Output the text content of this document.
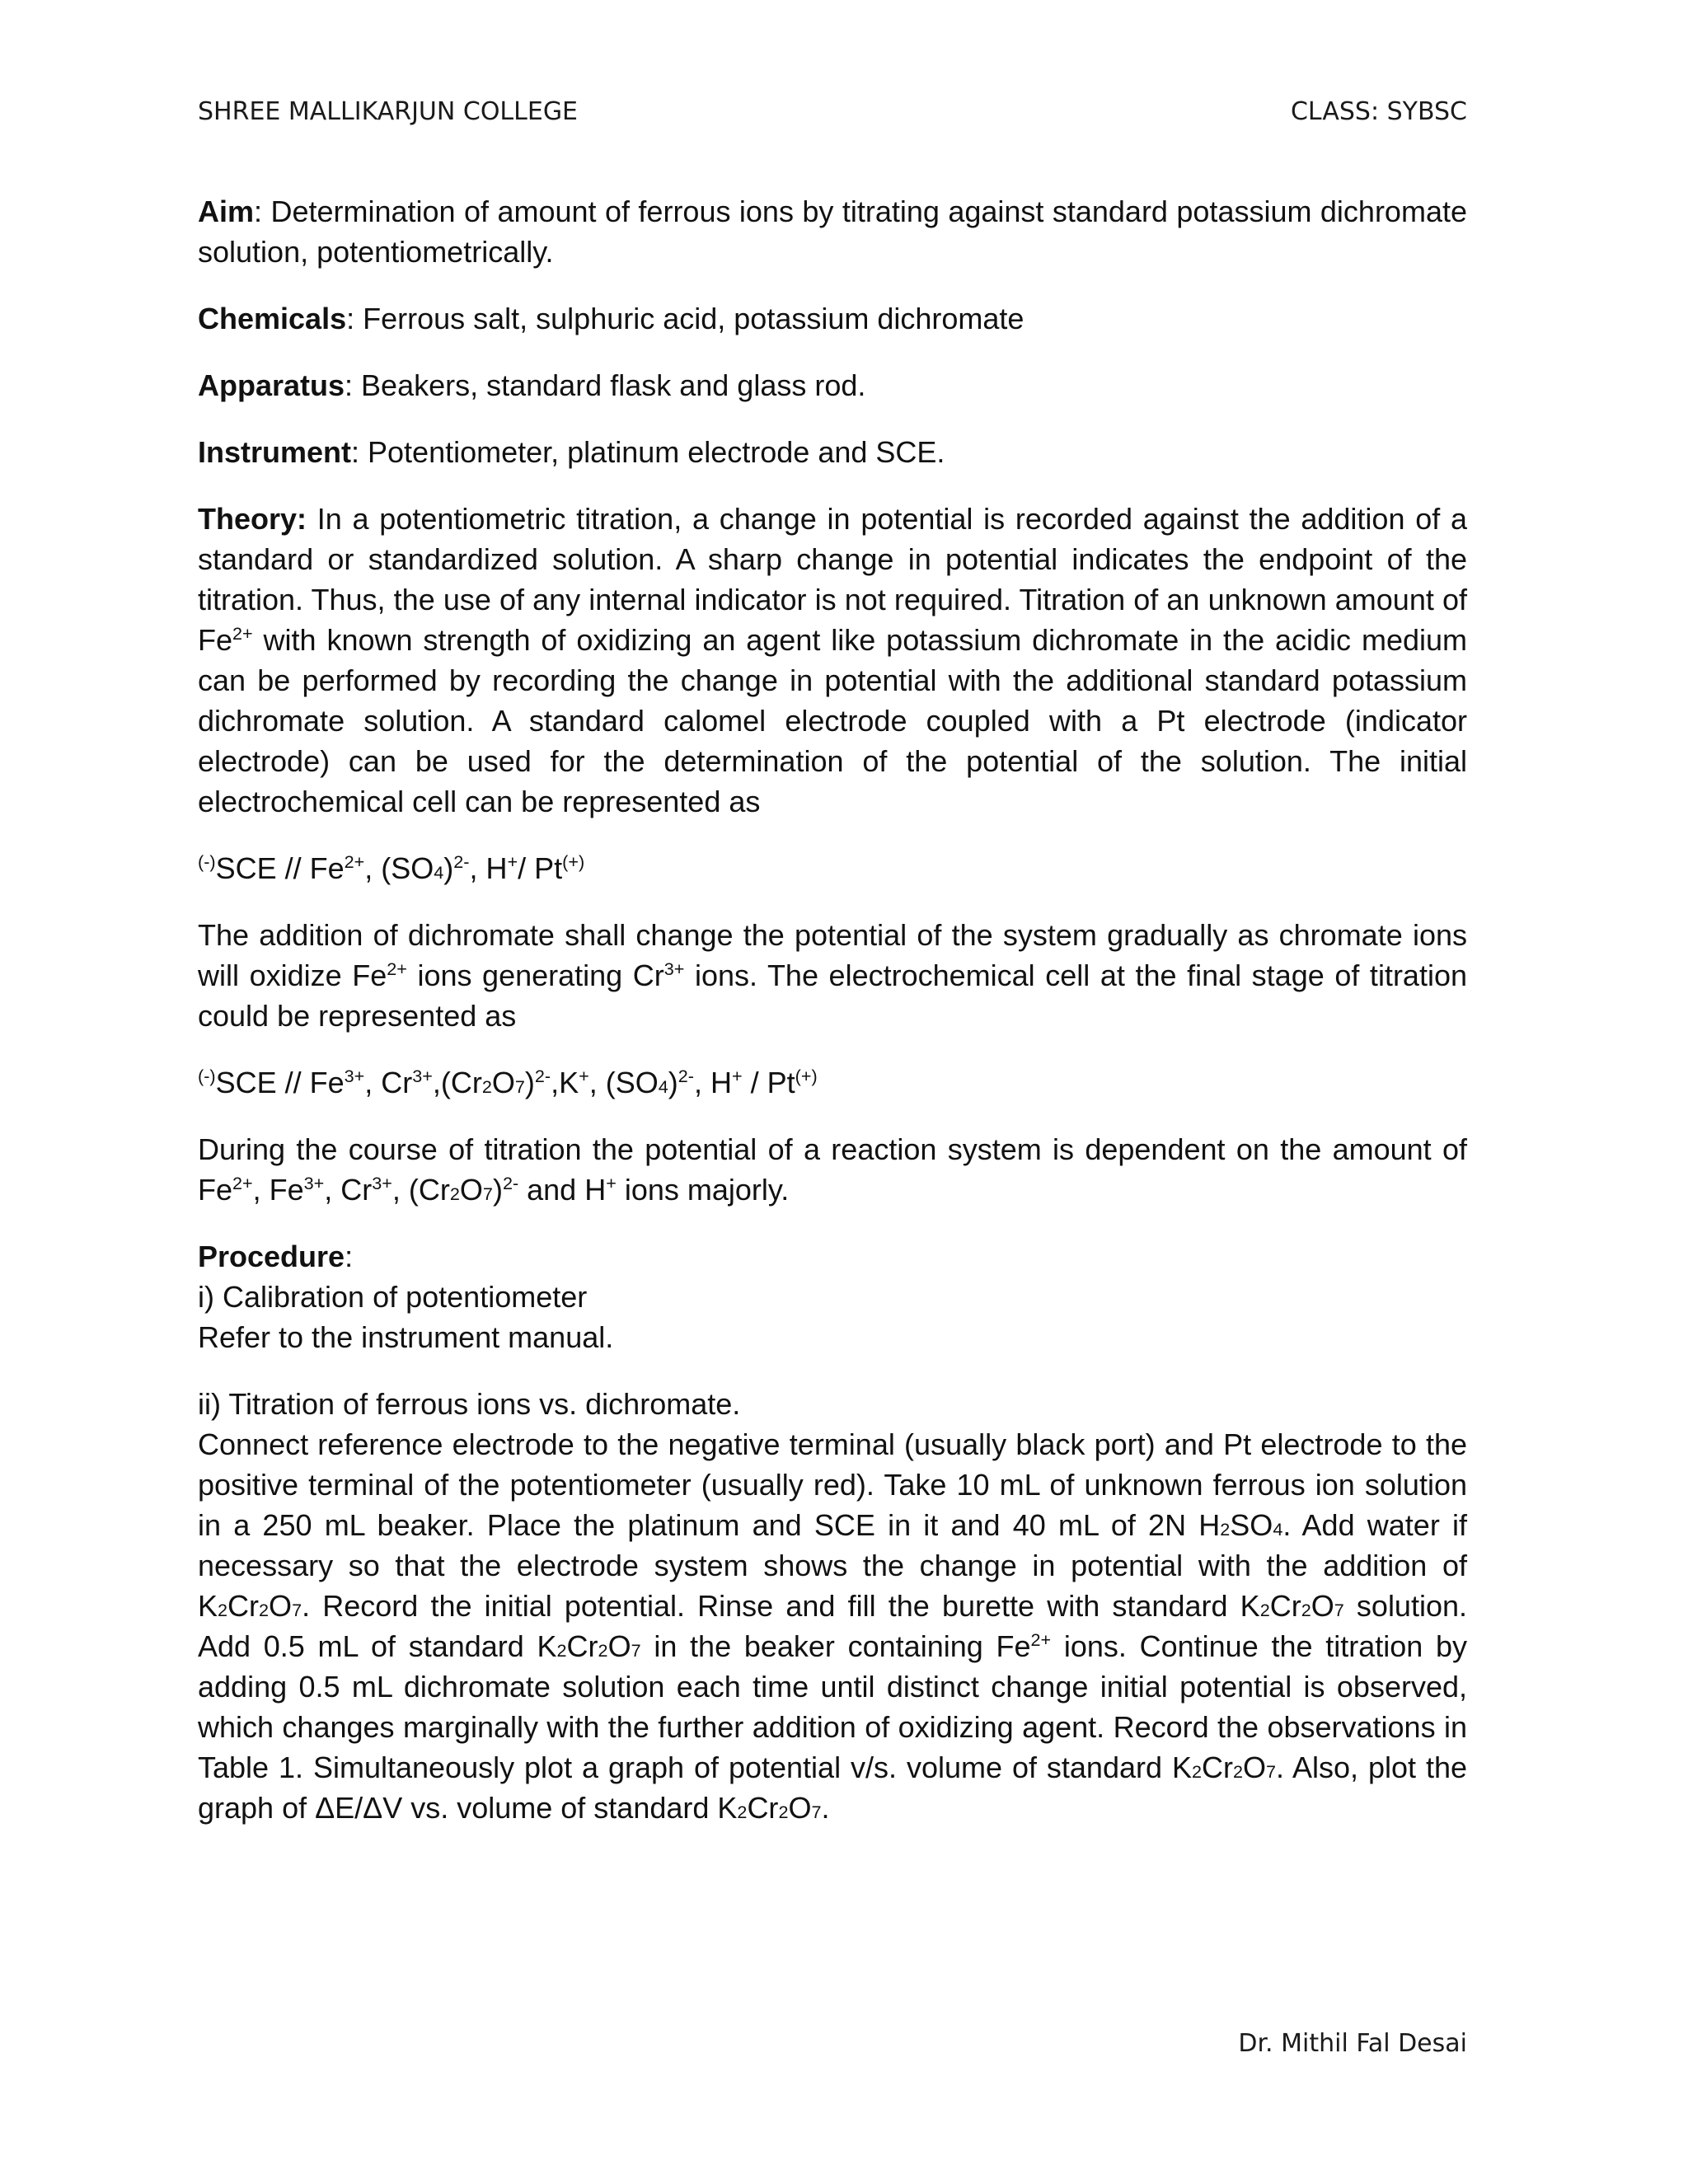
SHREE MALLIKARJUN COLLEGE	CLASS: SYBSC

Aim: Determination of amount of ferrous ions by titrating against standard potassium dichromate solution, potentiometrically.

Chemicals: Ferrous salt, sulphuric acid, potassium dichromate

Apparatus: Beakers, standard flask and glass rod.

Instrument: Potentiometer, platinum electrode and SCE.

Theory: In a potentiometric titration, a change in potential is recorded against the addition of a standard or standardized solution. A sharp change in potential indicates the endpoint of the titration. Thus, the use of any internal indicator is not required. Titration of an unknown amount of $Fe^{2+}$ with known strength of oxidizing an agent like potassium dichromate in the acidic medium can be performed by recording the change in potential with the additional standard potassium dichromate solution. A standard calomel electrode coupled with a Pt electrode (indicator electrode) can be used for the determination of the potential of the solution. The initial electrochemical cell can be represented as

$^{(-)}SCE // Fe^{2+}$, $(SO4)^{2-}$, H+/ Pt(+)

The addition of dichromate shall change the potential of the system gradually as chromate ions will oxidize $Fe^{2+}$ ions generating $Cr^{3+}$ ions. The electrochemical cell at the final stage of titration could be represented as

$^{(-)}SCE // Fe^{3+}$, $Cr^{3+},(Cr2O7)^{2-},K^+$, $(SO4)^{2-}$, H+ / Pt(+)

During the course of titration the potential of a reaction system is dependent on the amount of $Fe^{2+}$, $Fe^{3+}$, $Cr^{3+}$, $(Cr2O7)^{2-}$ and H+ ions majorly.

Procedure:
i) Calibration of potentiometer
Refer to the instrument manual.
ii) Titration of ferrous ions vs. dichromate.

Connect reference electrode to the negative terminal (usually black port) and Pt electrode to the positive terminal of the potentiometer (usually red). Take 10 mL of unknown ferrous ion solution in a 250 mL beaker. Place the platinum and SCE in it and 40 mL of 2N H2SO4. Add water if necessary so that the electrode system shows the change in potential with the addition of K2Cr2O7. Record the initial potential. Rinse and fill the burette with standard K2Cr2O7 solution. Add 0.5 mL of standard K2Cr2O7 in the beaker containing $Fe^{2+}$ ions. Continue the titration by adding 0.5 mL dichromate solution each time until distinct change initial potential is observed, which changes marginally with the further addition of oxidizing agent. Record the observations in Table 1. Simultaneously plot a graph of potential v/s. volume of standard K2Cr2O7. Also, plot the graph of ΔE/ΔV vs. volume of standard K2Cr2O7.

Dr. Mithil Fal Desai
